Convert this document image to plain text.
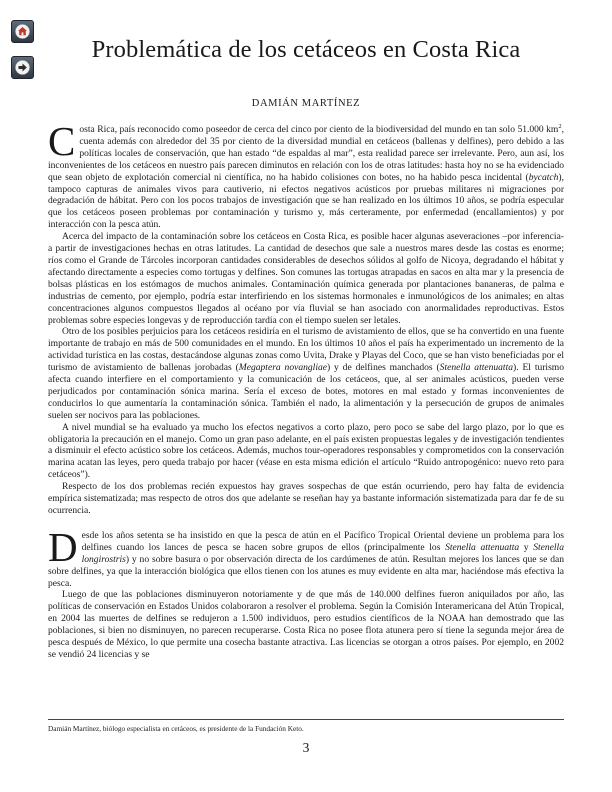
Problemática de los cetáceos en Costa Rica
DAMIÁN MARTÍNEZ

Costa Rica, país reconocido como poseedor de cerca del cinco por ciento de la biodiversidad del mundo en tan solo 51.000 $km^2$, cuenta además con alrededor del 35 por ciento de la diversidad mundial en cetáceos (ballenas y delfines), pero debido a las políticas locales de conservación, que han estado “de espaldas al mar”, esta realidad parece ser irrelevante. Pero, aun así, los inconvenientes de los cetáceos en nuestro país parecen diminutos en relación con los de otras latitudes: hasta hoy no se ha evidenciado que sean objeto de explotación comercial ni científica, no ha habido colisiones con botes, no ha habido pesca incidental (bycatch), tampoco capturas de animales vivos para cautiverio, ni efectos negativos acústicos por pruebas militares ni migraciones por degradación de hábitat. Pero con los pocos trabajos de investigación que se han realizado en los últimos 10 años, se podría especular que los cetáceos poseen problemas por contaminación y turismo y, más certeramente, por enfermedad (encallamientos) y por interacción con la pesca atún.

Acerca del impacto de la contaminación sobre los cetáceos en Costa Rica, es posible hacer algunas aseveraciones –por inferencia- a partir de investigaciones hechas en otras latitudes. La cantidad de desechos que sale a nuestros mares desde las costas es enorme; ríos como el Grande de Tárcoles incorporan cantidades considerables de desechos sólidos al golfo de Nicoya, degradando el hábitat y afectando directamente a especies como tortugas y delfines. Son comunes las tortugas atrapadas en sacos en alta mar y la presencia de bolsas plásticas en los estómagos de muchos animales. Contaminación química generada por plantaciones bananeras, de palma e industrias de cemento, por ejemplo, podría estar interfiriendo en los sistemas hormonales e inmunológicos de los animales; en altas concentraciones algunos compuestos llegados al océano por vía fluvial se han asociado con anormalidades reproductivas. Estos problemas sobre especies longevas y de reproducción tardía con el tiempo suelen ser letales.

Otro de los posibles perjuicios para los cetáceos residiría en el turismo de avistamiento de ellos, que se ha convertido en una fuente importante de trabajo en más de 500 comunidades en el mundo. En los últimos 10 años el país ha experimentado un incremento de la actividad turística en las costas, destacándose algunas zonas como Uvita, Drake y Playas del Coco, que se han visto beneficiadas por el turismo de avistamiento de ballenas jorobadas (Megaptera novangliae) y de delfines manchados (Stenella attenuatta). El turismo afecta cuando interfiere en el comportamiento y la comunicación de los cetáceos, que, al ser animales acústicos, pueden verse perjudicados por contaminación sónica marina. Sería el exceso de botes, motores en mal estado y formas inconvenientes de conducirlos lo que aumentaría la contaminación sónica. También el nado, la alimentación y la persecución de grupos de animales suelen ser nocivos para las poblaciones.

A nivel mundial se ha evaluado ya mucho los efectos negativos a corto plazo, pero poco se sabe del largo plazo, por lo que es obligatoria la precaución en el manejo. Como un gran paso adelante, en el país existen propuestas legales y de investigación tendientes a disminuir el efecto acústico sobre los cetáceos. Además, muchos tour-operadores responsables y comprometidos con la conservación marina acatan las leyes, pero queda trabajo por hacer (véase en esta misma edición el artículo “Ruido antropogénico: nuevo reto para cetáceos”).

Respecto de los dos problemas recién expuestos hay graves sospechas de que están ocurriendo, pero hay falta de evidencia empírica sistematizada; mas respecto de otros dos que adelante se reseñan hay ya bastante información sistematizada para dar fe de su ocurrencia.

Desde los años setenta se ha insistido en que la pesca de atún en el Pacífico Tropical Oriental deviene un problema para los delfines cuando los lances de pesca se hacen sobre grupos de ellos (principalmente los Stenella attenuatta y Stenella longirostris) y no sobre basura o por observación directa de los cardúmenes de atún. Resultan mejores los lances que se dan sobre delfines, ya que la interacción biológica que ellos tienen con los atunes es muy evidente en alta mar, haciéndose más efectiva la pesca.

Luego de que las poblaciones disminuyeron notoriamente y de que más de 140.000 delfines fueron aniquilados por año, las políticas de conservación en Estados Unidos colaboraron a resolver el problema. Según la Comisión Interamericana del Atún Tropical, en 2004 las muertes de delfines se redujeron a 1.500 individuos, pero estudios científicos de la NOAA han demostrado que las poblaciones, si bien no disminuyen, no parecen recuperarse. Costa Rica no posee flota atunera pero sí tiene la segunda mejor área de pesca después de México, lo que permite una cosecha bastante atractiva. Las licencias se otorgan a otros países. Por ejemplo, en 2002 se vendió 24 licencias y se

Damián Martínez, biólogo especialista en cetáceos, es presidente de la Fundación Keto.
3
